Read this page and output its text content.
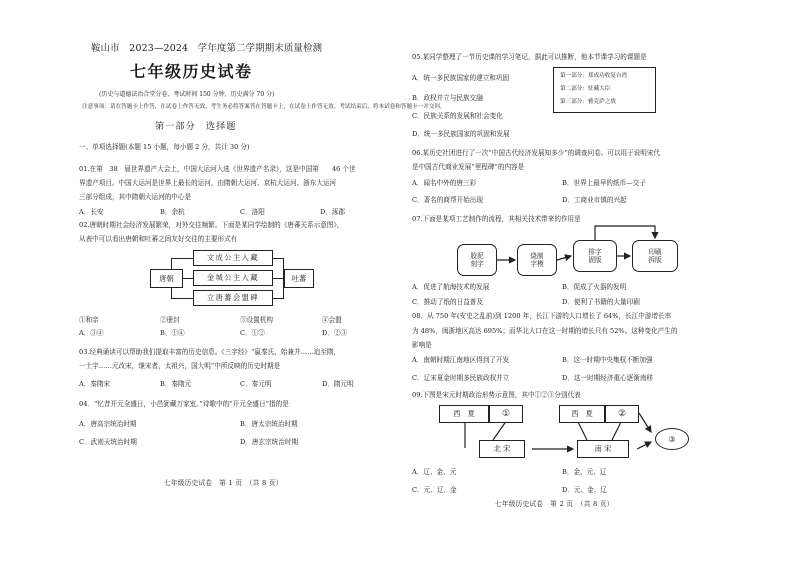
鞍山市　2023—2024　学年度第二学期期末质量检测
七年级历史试卷
(历史与道德法治合堂分卷，考试时间 150 分钟，历史满分 70 分)
注意事项：请在答题卡上作答，在试卷上作答无效，考生务必将答案答在答题卡上，在试卷上作答无效。考试结束后，将本试卷和答题卡一并交回。
第一部分　选择题
一、单项选择题(本题 15 小题，每小题 2 分，共计 30 分)
01.在第　38　届世界遗产大会上，中国大运河入选《世界遗产名录》，这是中国第　　46 个世
界遗产项目。中国大运河是世界上最长的运河，由隋朝大运河、京杭大运河、浙东大运河
三部分组成，其中隋朝大运河的中心是
A．长安	B．余杭	C．洛阳	D．涿郡
02.唐朝时期社会经济发展繁荣，对外交往频繁。下面是某同学绘制的《唐蕃关系示意图》，
从表中可以看出唐朝和吐蕃之间友好交往的主要形式有
唐朝	吐蕃
文成公主入藏
金城公主入藏
立唐蕃会盟碑
①和亲	②册封	③设置机构	④会盟
A．③④	B．①④	C．①②	D．②③
03.经典诵读可以帮助我们提取丰富的历史信息。《三字经》“嬴秦氏，始兼并……迨至隋，
一土宇……元改宋，继宋者，太祖兴，国大明”中所反映的历史时期是
A．秦隋宋	B．秦隋元	C．秦元明	D．隋元明
04．“忆昔开元全盛日，小邑犹藏万家室。”诗歌中的“开元全盛日”指的是
A．唐高宗统治时期	B．唐太宗统治时期
C．武则天统治时期	D．唐玄宗统治时期
七年级历史试卷　第 1 页　（共 8 页）
05.某同学整理了一节历史课的学习笔记，据此可以推断，他本节课学习的课题是
第一部分：郑成功收复台湾
第二部分：驻藏大臣
第三部分：雅克萨之战
A．统一多民族国家的建立和巩固
B．政权并立与民族交融
C．民族关系的发展和社会变化
D．统一多民族国家的巩固和发展
06.某历史社团进行了一次“中国古代经济发展知多少”的调查问卷。可以用于说明宋代
是中国古代商业发展“里程碑”的内容是
A．闻名中外的唐三彩	B．世界上最早的纸币—交子
C．著名的商帮开始出现	D．工商业市镇的兴起
07.下面是某项工艺制作的流程，其相关技术带来的作用是
胶泥
刻字
烧制
字模
排字
固版
印刷
拆版
A．促进了航海技术的发展	B．促成了火器的发明
C．推动了纸的日益普及	D．便利了书籍的大量印刷
08．从 750 年(安史之乱前)到 1200 年，长江下游的人口增长了 64%，长江中游增长率
为 48%，闽浙地区高达 695%；而华北人口在这一时期的增长只有 52%。这种变化产生的
影响是
A．南朝时期江南地区得到了开发	B．这一时期中央集权不断加强
C．辽宋夏金时期多民族政权并立	D．这一时期经济重心逐渐南移
09.下图是宋元时期政治形势示意图，其中①②③分别代表
西　夏	①
北 宋
西　夏	②
南 宋
③
A．辽、金、元	B．金、元、辽
C．元、辽、金	D．元、金、辽
七年级历史试卷　第 2 页　（共 8 页）
